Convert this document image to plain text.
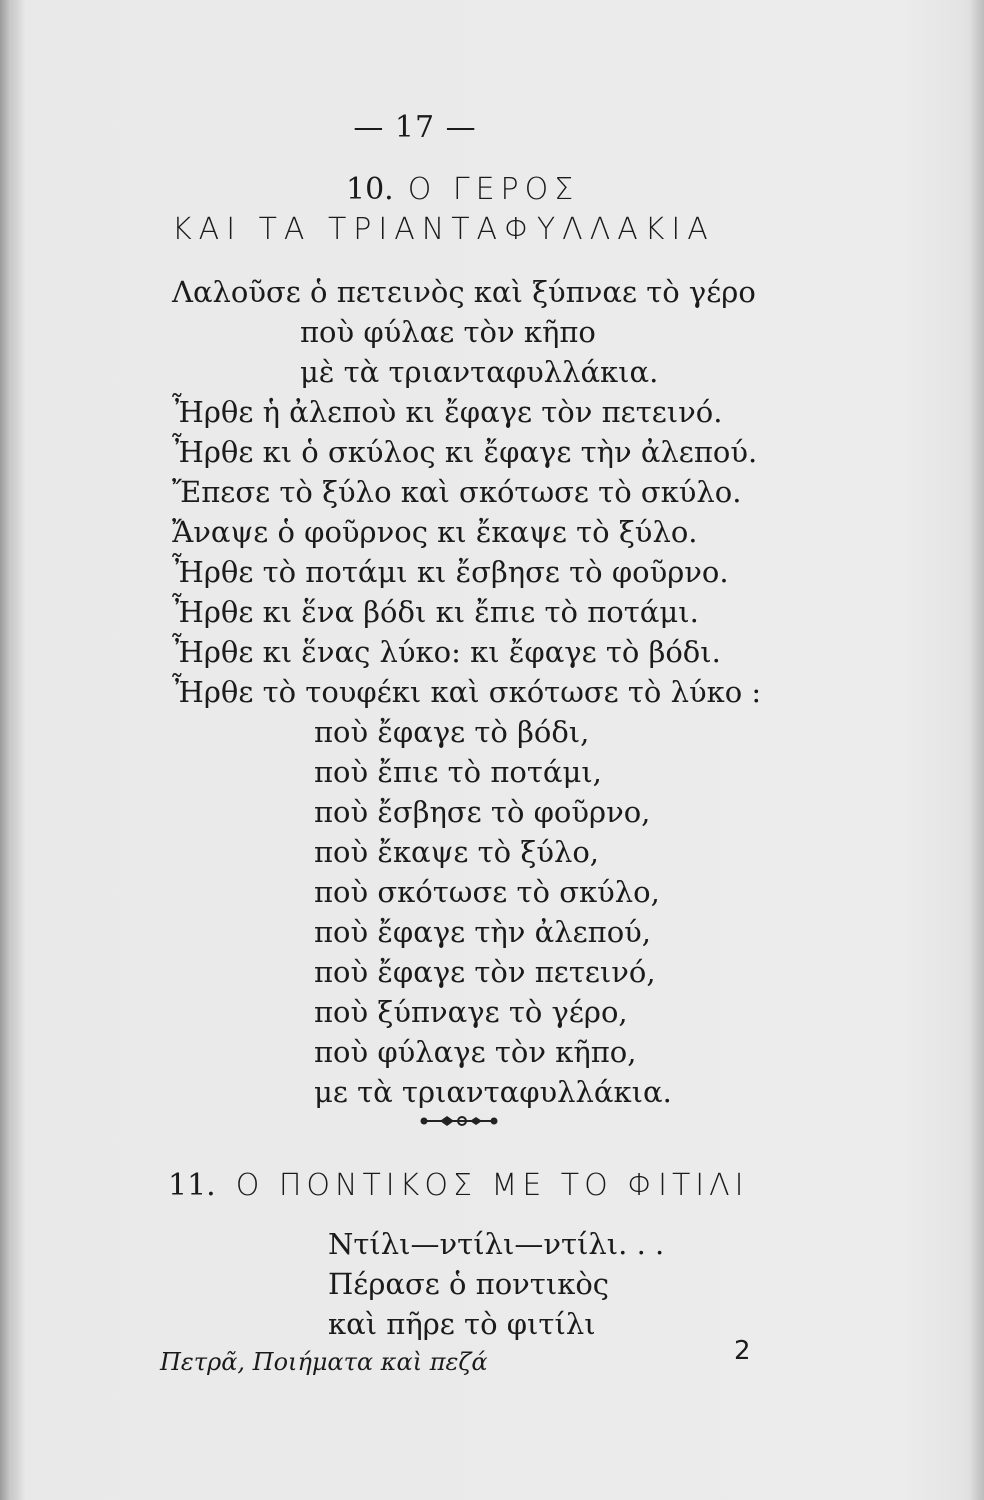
— 17 —
10. Ο ΓΕΡΟΣ
ΚΑΙ ΤΑ ΤΡΙΑΝΤΑΦΥΛΛΑΚΙΑ
Λαλοῦσε ὁ πετεινὸς καὶ ξύπναε τὸ γέρο
ποὺ φύλαε τὸν κῆπο
μὲ τὰ τριανταφυλλάκια.
Ἦρθε ἡ ἀλεποὺ κι ἔφαγε τὸν πετεινό.
Ἦρθε κι ὁ σκύλος κι ἔφαγε τὴν ἀλεπού.
Ἔπεσε τὸ ξύλο καὶ σκότωσε τὸ σκύλο.
Ἄναψε ὁ φοῦρνος κι ἔκαψε τὸ ξύλο.
Ἦρθε τὸ ποτάμι κι ἔσβησε τὸ φοῦρνο.
Ἦρθε κι ἕνα βόδι κι ἔπιε τὸ ποτάμι.
Ἦρθε κι ἕνας λύκο: κι ἔφαγε τὸ βόδι.
Ἦρθε τὸ τουφέκι καὶ σκότωσε τὸ λύκο :
ποὺ ἔφαγε τὸ βόδι,
ποὺ ἔπιε τὸ ποτάμι,
ποὺ ἔσβησε τὸ φοῦρνο,
ποὺ ἔκαψε τὸ ξύλο,
ποὺ σκότωσε τὸ σκύλο,
ποὺ ἔφαγε τὴν ἀλεπού,
ποὺ ἔφαγε τὸν πετεινό,
ποὺ ξύπναγε τὸ γέρο,
ποὺ φύλαγε τὸν κῆπο,
με τὰ τριανταφυλλάκια.
11. Ο ΠΟΝΤΙΚΟΣ ΜΕ ΤΟ ΦΙΤΙΛΙ
Ντίλι—ντίλι—ντίλι. . .
Πέρασε ὁ ποντικὸς
καὶ πῆρε τὸ φιτίλι
Πετρᾶ, Ποιήματα καὶ πεζά	2
